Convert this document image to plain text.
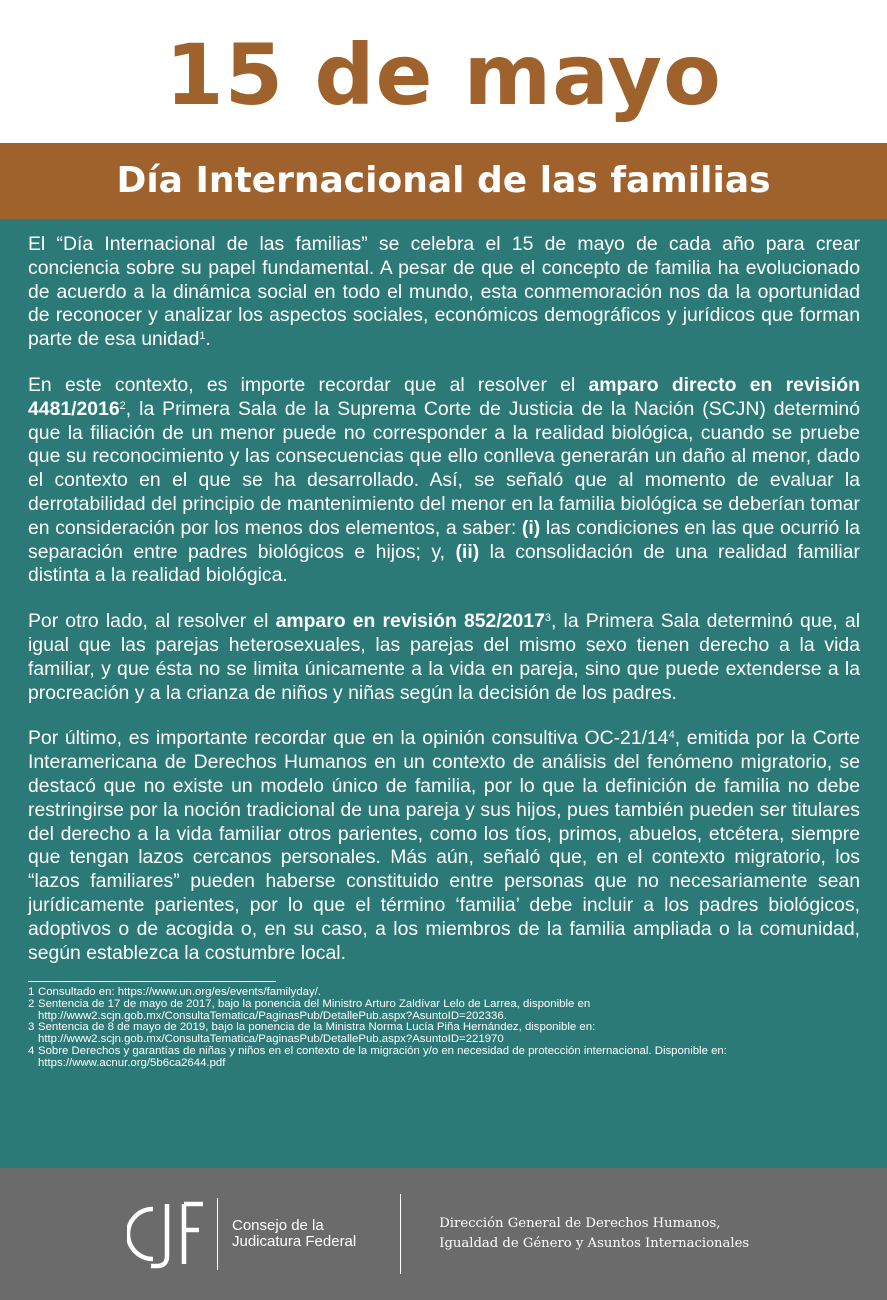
15 de mayo
Día Internacional de las familias

El “Día Internacional de las familias” se celebra el 15 de mayo de cada año para crear conciencia sobre su papel fundamental. A pesar de que el concepto de familia ha evolucionado de acuerdo a la dinámica social en todo el mundo, esta conmemoración nos da la oportunidad de reconocer y analizar los aspectos sociales, económicos demográficos y jurídicos que forman parte de esa unidad$^1$.

En este contexto, es importe recordar que al resolver el amparo directo en revisión 4481/2016$^2$, la Primera Sala de la Suprema Corte de Justicia de la Nación (SCJN) determinó que la filiación de un menor puede no corresponder a la realidad biológica, cuando se pruebe que su reconocimiento y las consecuencias que ello conlleva generarán un daño al menor, dado el contexto en el que se ha desarrollado. Así, se señaló que al momento de evaluar la derrotabilidad del principio de mantenimiento del menor en la familia biológica se deberían tomar en consideración por los menos dos elementos, a saber: (i) las condiciones en las que ocurrió la separación entre padres biológicos e hijos; y, (ii) la consolidación de una realidad familiar distinta a la realidad biológica.

Por otro lado, al resolver el amparo en revisión 852/2017$^3$, la Primera Sala determinó que, al igual que las parejas heterosexuales, las parejas del mismo sexo tienen derecho a la vida familiar, y que ésta no se limita únicamente a la vida en pareja, sino que puede extenderse a la procreación y a la crianza de niños y niñas según la decisión de los padres.

Por último, es importante recordar que en la opinión consultiva $OC-21/14^4$, emitida por la Corte Interamericana de Derechos Humanos en un contexto de análisis del fenómeno migratorio, se destacó que no existe un modelo único de familia, por lo que la definición de familia no debe restringirse por la noción tradicional de una pareja y sus hijos, pues también pueden ser titulares del derecho a la vida familiar otros parientes, como los tíos, primos, abuelos, etcétera, siempre que tengan lazos cercanos personales. Más aún, señaló que, en el contexto migratorio, los “lazos familiares” pueden haberse constituido entre personas que no necesariamente sean jurídicamente parientes, por lo que el término ‘familia’ debe incluir a los padres biológicos, adoptivos o de acogida o, en su caso, a los miembros de la familia ampliada o la comunidad, según establezca la costumbre local.

1 Consultado en: https://www.un.org/es/events/familyday/.
2 Sentencia de 17 de mayo de 2017, bajo la ponencia del Ministro Arturo Zaldívar Lelo de Larrea, disponible en http://www2.scjn.gob.mx/ConsultaTematica/PaginasPub/DetallePub.aspx?AsuntoID=202336.
3 Sentencia de 8 de mayo de 2019, bajo la ponencia de la Ministra Norma Lucía Piña Hernández, disponible en: http://www2.scjn.gob.mx/ConsultaTematica/PaginasPub/DetallePub.aspx?AsuntoID=221970
4 Sobre Derechos y garantías de niñas y niños en el contexto de la migración y/o en necesidad de protección internacional. Disponible en: https://www.acnur.org/5b6ca2644.pdf
Consejo de la
Judicatura Federal
Dirección General de Derechos Humanos,
Igualdad de Género y Asuntos Internacionales
